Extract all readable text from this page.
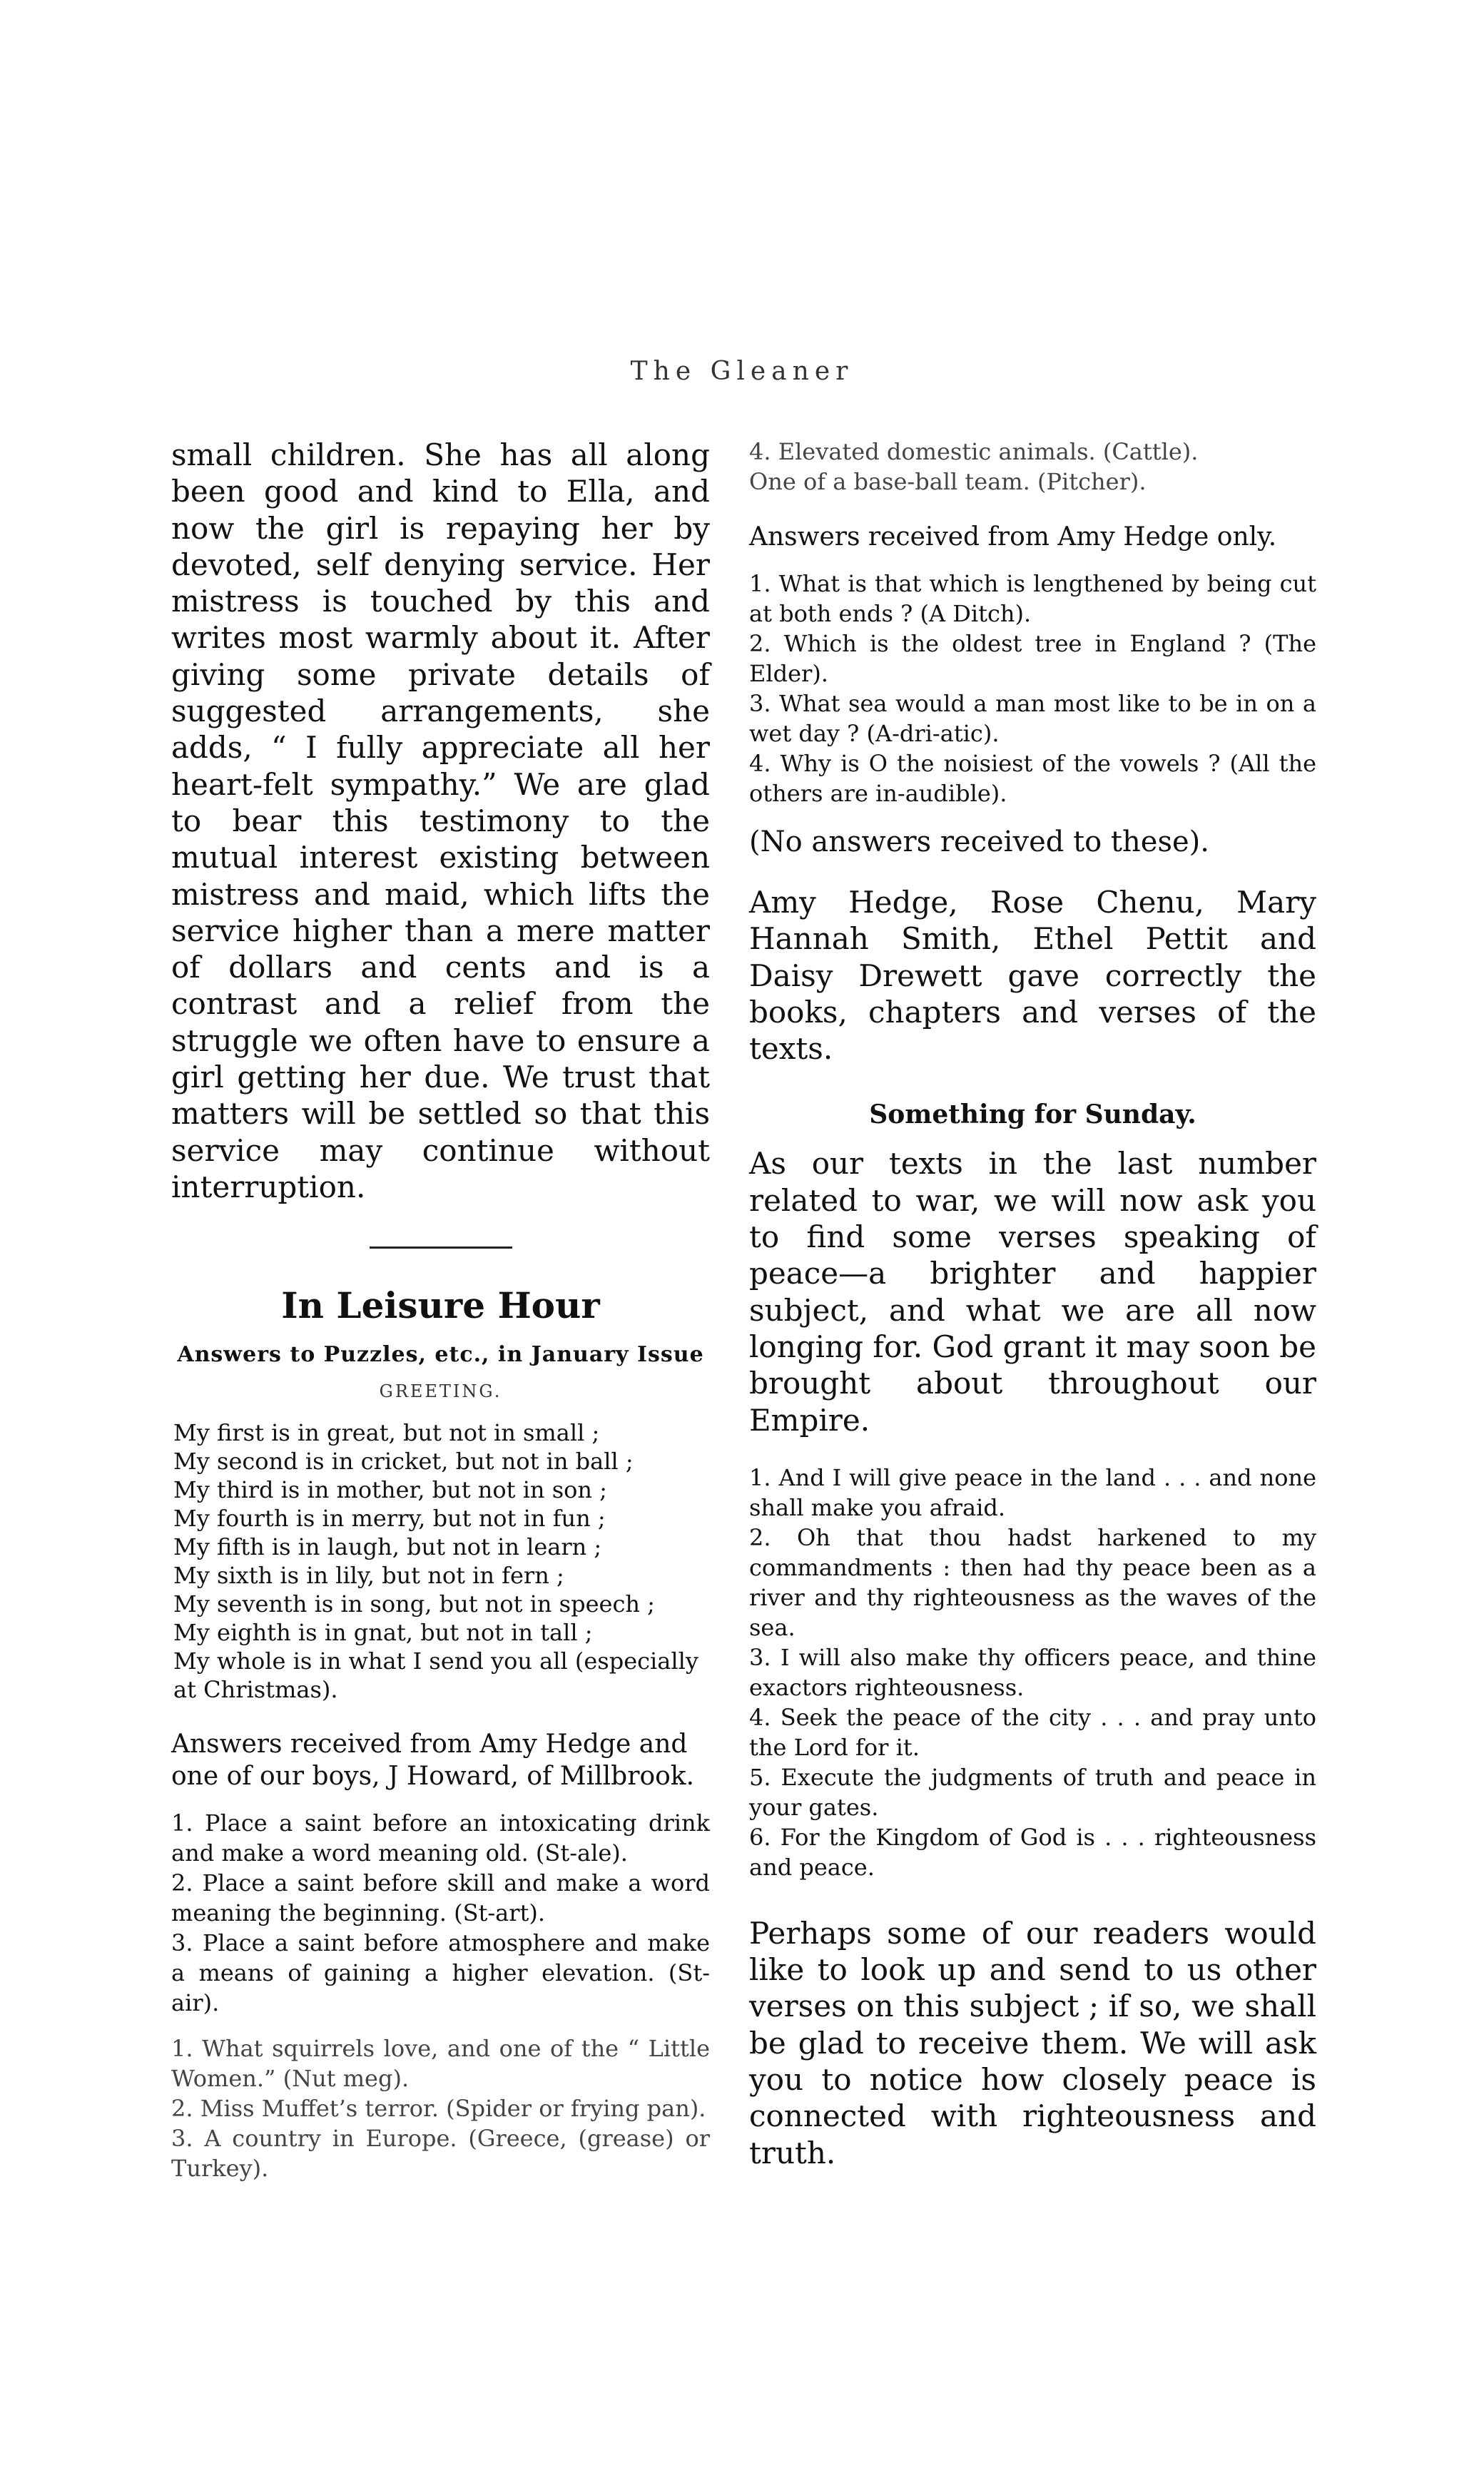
The Gleaner

small children. She has all along been good and kind to Ella, and now the girl is repaying her by devoted, self denying service. Her mistress is touched by this and writes most warmly about it. After giving some private details of suggested arrangements, she adds, “ I fully appreciate all her heart-felt sympathy.” We are glad to bear this testimony to the mutual interest existing between mistress and maid, which lifts the service higher than a mere matter of dollars and cents and is a contrast and a relief from the struggle we often have to ensure a girl getting her due. We trust that matters will be settled so that this service may continue without interruption.

In Leisure Hour
Answers to Puzzles, etc., in January Issue
GREETING.
My first is in great, but not in small ;
My second is in cricket, but not in ball ;
My third is in mother, but not in son ;
My fourth is in merry, but not in fun ;
My fifth is in laugh, but not in learn ;
My sixth is in lily, but not in fern ;
My seventh is in song, but not in speech ;
My eighth is in gnat, but not in tall ;
My whole is in what I send you all (especially at Christmas).

Answers received from Amy Hedge and one of our boys, J Howard, of Millbrook.

1. Place a saint before an intoxicating drink and make a word meaning old. (St-ale).

2. Place a saint before skill and make a word meaning the beginning. (St-art).

3. Place a saint before atmosphere and make a means of gaining a higher elevation. (St-air).

1. What squirrels love, and one of the “ Little Women.” (Nut meg).

2. Miss Muffet’s terror. (Spider or frying pan).

3. A country in Europe. (Greece, (grease) or Turkey).

4. Elevated domestic animals. (Cattle).

One of a base-ball team. (Pitcher).

Answers received from Amy Hedge only.

1. What is that which is lengthened by being cut at both ends ? (A Ditch).

2. Which is the oldest tree in England ? (The Elder).

3. What sea would a man most like to be in on a wet day ? (A-dri-atic).

4. Why is O the noisiest of the vowels ? (All the others are in-audible).

(No answers received to these).

Amy Hedge, Rose Chenu, Mary Hannah Smith, Ethel Pettit and Daisy Drewett gave correctly the books, chapters and verses of the texts.

Something for Sunday.

As our texts in the last number related to war, we will now ask you to find some verses speaking of peace—a brighter and happier subject, and what we are all now longing for. God grant it may soon be brought about throughout our Empire.

1. And I will give peace in the land . . . and none shall make you afraid.

2. Oh that thou hadst harkened to my commandments : then had thy peace been as a river and thy righteousness as the waves of the sea.

3. I will also make thy officers peace, and thine exactors righteousness.

4. Seek the peace of the city . . . and pray unto the Lord for it.

5. Execute the judgments of truth and peace in your gates.

6. For the Kingdom of God is . . . righteousness and peace.

Perhaps some of our readers would like to look up and send to us other verses on this subject ; if so, we shall be glad to receive them. We will ask you to notice how closely peace is connected with righteousness and truth.
